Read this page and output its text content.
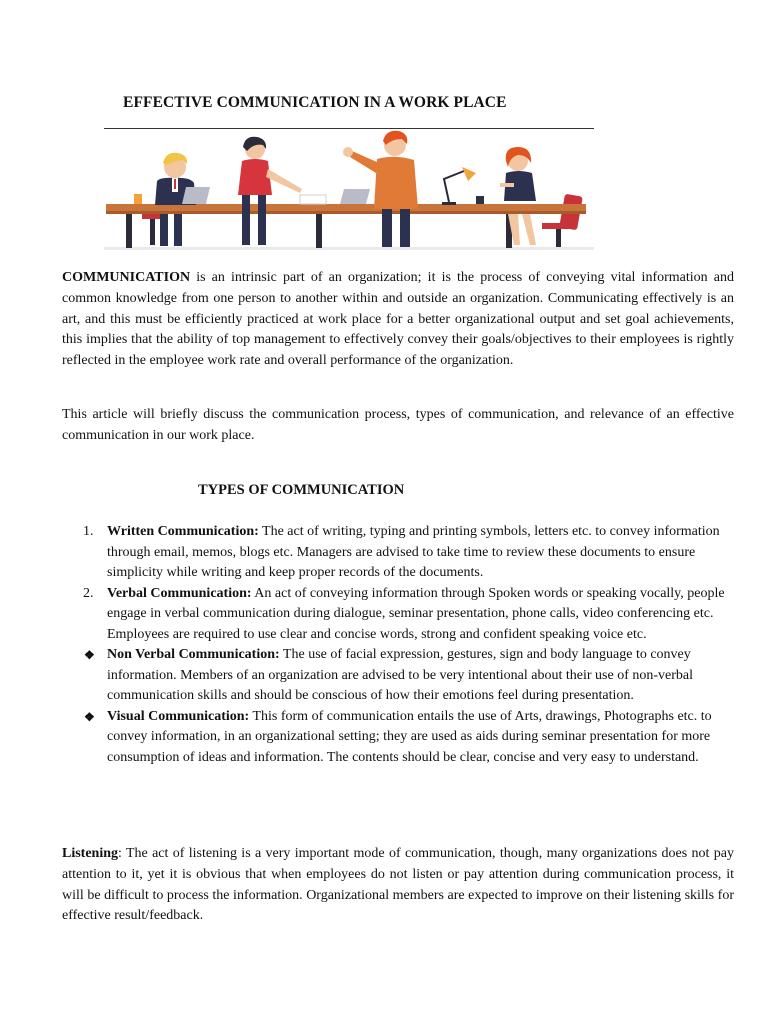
EFFECTIVE COMMUNICATION IN A WORK PLACE

COMMUNICATION is an intrinsic part of an organization; it is the process of conveying vital information and common knowledge from one person to another within and outside an organization. Communicating effectively is an art, and this must be efficiently practiced at work place for a better organizational output and set goal achievements, this implies that the ability of top management to effectively convey their goals/objectives to their employees is rightly reflected in the employee work rate and overall performance of the organization.

This article will briefly discuss the communication process, types of communication, and relevance of an effective communication in our work place.

TYPES OF COMMUNICATION
1. Written Communication: The act of writing, typing and printing symbols, letters etc. to convey information through email, memos, blogs etc. Managers are advised to take time to review these documents to ensure simplicity while writing and keep proper records of the documents.
2. Verbal Communication: An act of conveying information through Spoken words or speaking vocally, people engage in verbal communication during dialogue, seminar presentation, phone calls, video conferencing etc. Employees are required to use clear and concise words, strong and confident speaking voice etc.
❖ Non Verbal Communication: The use of facial expression, gestures, sign and body language to convey information. Members of an organization are advised to be very intentional about their use of non-verbal communication skills and should be conscious of how their emotions feel during presentation.
❖ Visual Communication: This form of communication entails the use of Arts, drawings, Photographs etc. to convey information, in an organizational setting; they are used as aids during seminar presentation for more consumption of ideas and information. The contents should be clear, concise and very easy to understand.

Listening: The act of listening is a very important mode of communication, though, many organizations does not pay attention to it, yet it is obvious that when employees do not listen or pay attention during communication process, it will be difficult to process the information. Organizational members are expected to improve on their listening skills for effective result/feedback.
